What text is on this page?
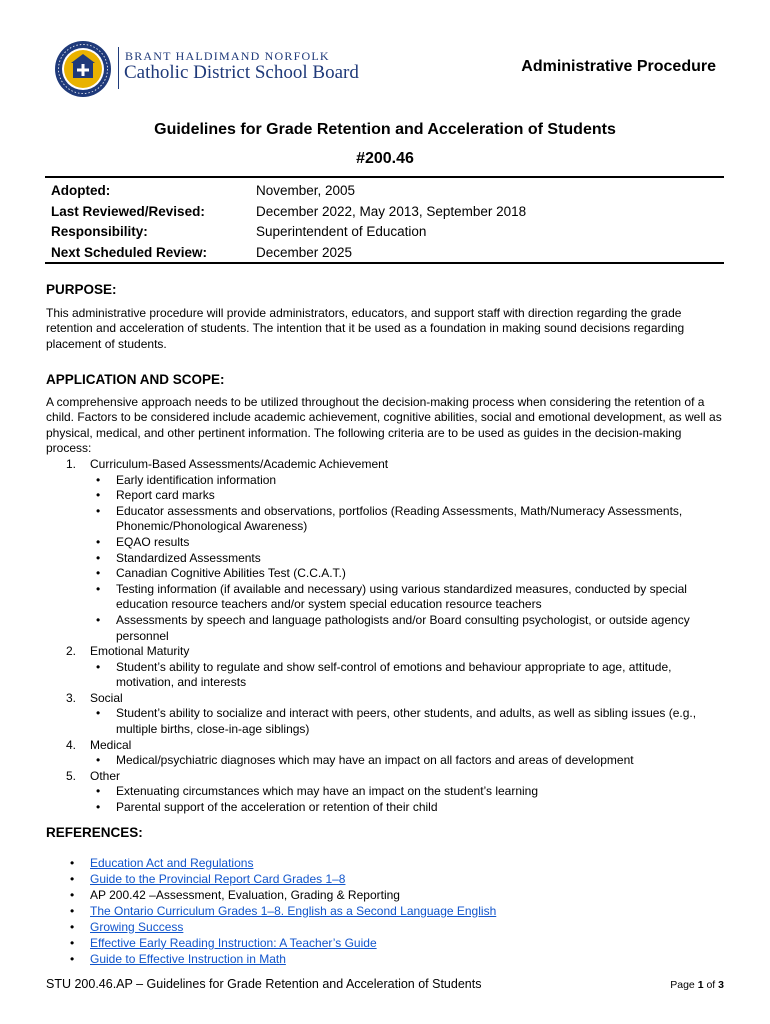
BRANT HALDIMAND NORFOLK
Catholic District School Board	Administrative Procedure
Guidelines for Grade Retention and Acceleration of Students
#200.46
Adopted:	November, 2005
Last Reviewed/Revised:	December 2022, May 2013, September 2018
Responsibility:	Superintendent of Education
Next Scheduled Review:	December 2025
PURPOSE:
This administrative procedure will provide administrators, educators, and support staff with direction regarding the grade retention and acceleration of students. The intention that it be used as a foundation in making sound decisions regarding placement of students.
APPLICATION AND SCOPE:
A comprehensive approach needs to be utilized throughout the decision-making process when considering the retention of a child. Factors to be considered include academic achievement, cognitive abilities, social and emotional development, as well as physical, medical, and other pertinent information. The following criteria are to be used as guides in the decision-making process:
1. Curriculum-Based Assessments/Academic Achievement
• Early identification information
• Report card marks
• Educator assessments and observations, portfolios (Reading Assessments, Math/Numeracy Assessments, Phonemic/Phonological Awareness)
• EQAO results
• Standardized Assessments
• Canadian Cognitive Abilities Test (C.C.A.T.)
• Testing information (if available and necessary) using various standardized measures, conducted by special education resource teachers and/or system special education resource teachers
• Assessments by speech and language pathologists and/or Board consulting psychologist, or outside agency personnel
2. Emotional Maturity
• Student’s ability to regulate and show self-control of emotions and behaviour appropriate to age, attitude, motivation, and interests
3. Social
• Student’s ability to socialize and interact with peers, other students, and adults, as well as sibling issues (e.g., multiple births, close-in-age siblings)
4. Medical
• Medical/psychiatric diagnoses which may have an impact on all factors and areas of development
5. Other
• Extenuating circumstances which may have an impact on the student’s learning
• Parental support of the acceleration or retention of their child
REFERENCES:
• Education Act and Regulations
• Guide to the Provincial Report Card Grades 1–8
• AP 200.42 –Assessment, Evaluation, Grading & Reporting
• The Ontario Curriculum Grades 1–8. English as a Second Language English
• Growing Success
• Effective Early Reading Instruction: A Teacher’s Guide
• Guide to Effective Instruction in Math
STU 200.46.AP – Guidelines for Grade Retention and Acceleration of Students	Page 1 of 3
